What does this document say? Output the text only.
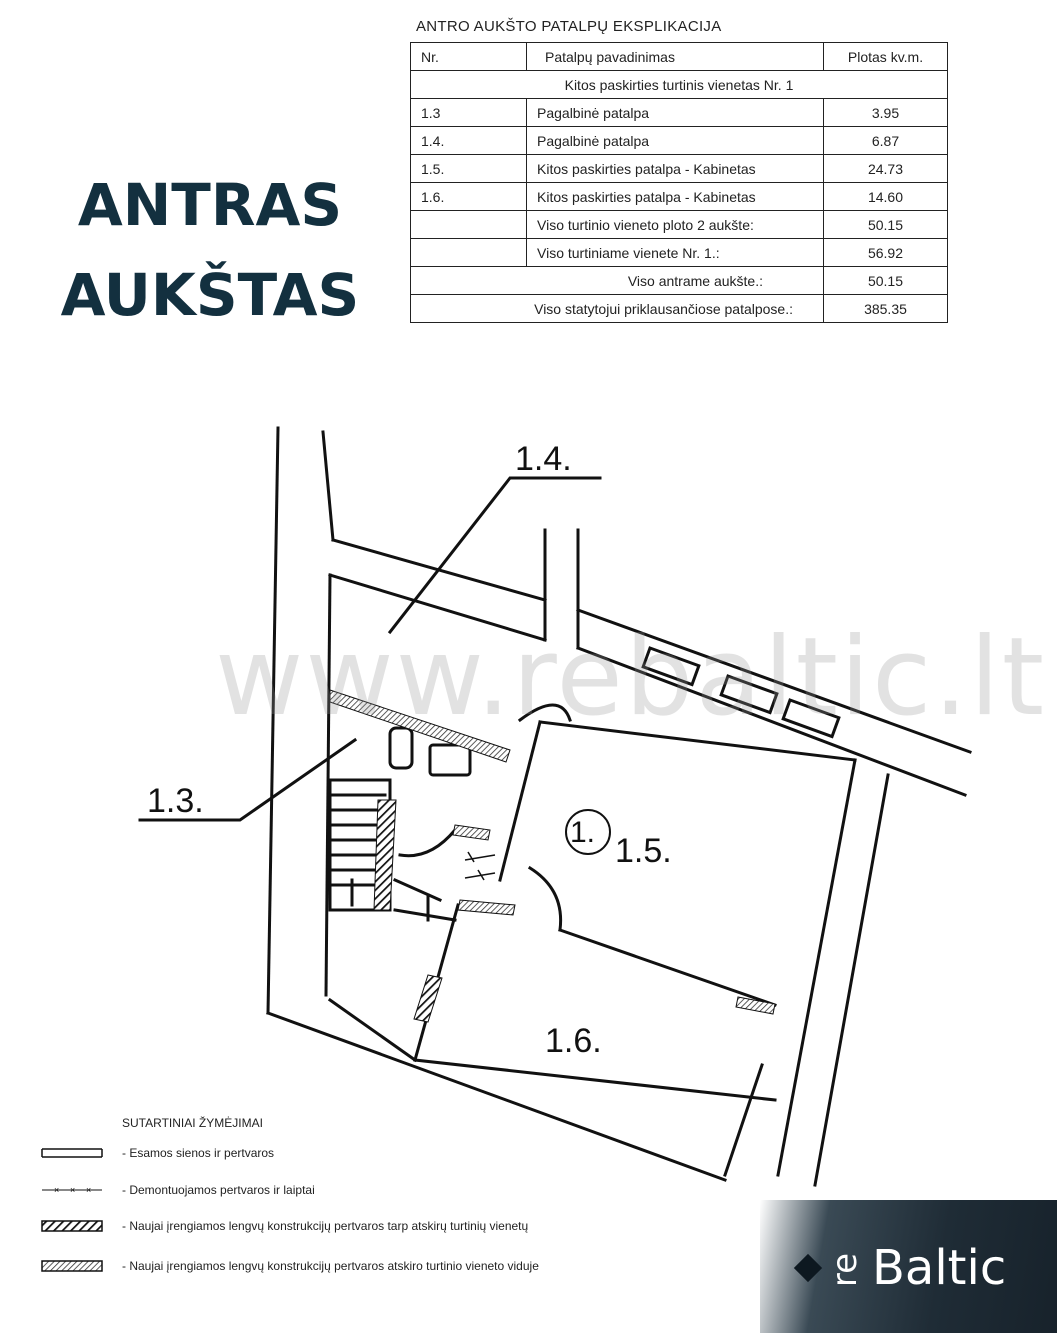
ANTRAS
AUKŠTAS
ANTRO AUKŠTO PATALPŲ EKSPLIKACIJA
Nr.	Patalpų pavadinimas	Plotas kv.m.
Kitos paskirties turtinis vienetas Nr. 1		
1.3	Pagalbinė patalpa	3.95
1.4.	Pagalbinė patalpa	6.87
1.5.	Kitos paskirties patalpa - Kabinetas	24.73
1.6.	Kitos paskirties patalpa - Kabinetas	14.60
	Viso turtinio vieneto ploto 2 aukšte:	50.15
	Viso turtiniame vienete Nr. 1.:	56.92
Viso antrame aukšte.:		50.15
Viso statytojui priklausančiose patalpose.:		385.35
1.4.
1.3.
1.5.
1.6.
1.
www.rebaltic.lt
SUTARTINIAI ŽYMĖJIMAI
- Esamos sienos ir pertvaros
× × ×	- Demontuojamos pertvaros ir laiptai
- Naujai įrengiamos lengvų konstrukcijų pertvaros tarp atskirų turtinių vienetų
- Naujai įrengiamos lengvų konstrukcijų pertvaros atskiro turtinio vieneto viduje	re Baltic
